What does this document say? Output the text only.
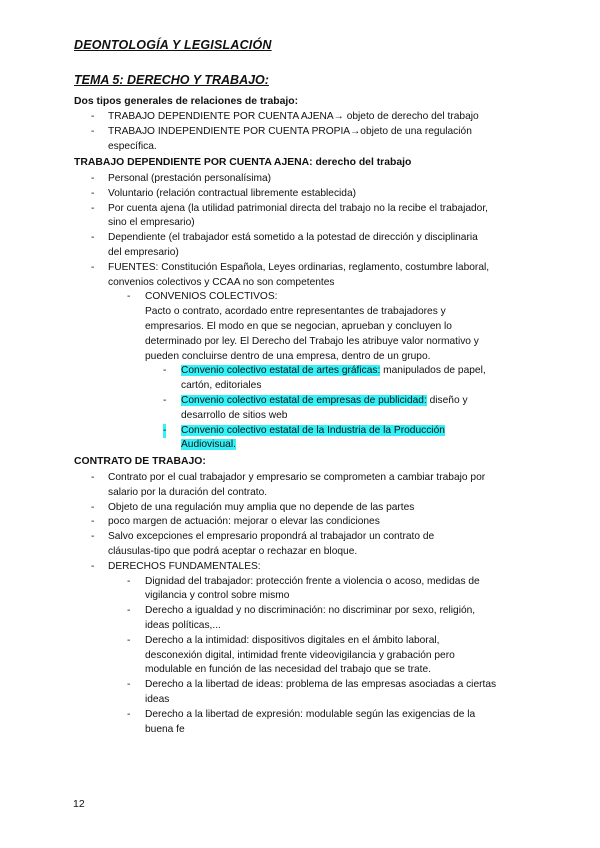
DEONTOLOGÍA Y LEGISLACIÓN
TEMA 5: DERECHO Y TRABAJO:
Dos tipos generales de relaciones de trabajo:
- TRABAJO DEPENDIENTE POR CUENTA AJENA→ objeto de derecho del trabajo
- TRABAJO INDEPENDIENTE POR CUENTA PROPIA→objeto de una regulación
específica.
TRABAJO DEPENDIENTE POR CUENTA AJENA: derecho del trabajo
- Personal (prestación personalísima)
- Voluntario (relación contractual libremente establecida)
- Por cuenta ajena (la utilidad patrimonial directa del trabajo no la recibe el trabajador,
sino el empresario)
- Dependiente (el trabajador está sometido a la potestad de dirección y disciplinaria
del empresario)
- FUENTES: Constitución Española, Leyes ordinarias, reglamento, costumbre laboral,
convenios colectivos y CCAA no son competentes
- CONVENIOS COLECTIVOS:
Pacto o contrato, acordado entre representantes de trabajadores y
empresarios. El modo en que se negocian, aprueban y concluyen lo
determinado por ley. El Derecho del Trabajo les atribuye valor normativo y
pueden concluirse dentro de una empresa, dentro de un grupo.
- Convenio colectivo estatal de artes gráficas: manipulados de papel,
cartón, editoriales
- Convenio colectivo estatal de empresas de publicidad: diseño y
desarrollo de sitios web
- Convenio colectivo estatal de la Industria de la Producción
Audiovisual.
CONTRATO DE TRABAJO:
- Contrato por el cual trabajador y empresario se comprometen a cambiar trabajo por
salario por la duración del contrato.
- Objeto de una regulación muy amplia que no depende de las partes
- poco margen de actuación: mejorar o elevar las condiciones
- Salvo excepciones el empresario propondrá al trabajador un contrato de
cláusulas-tipo que podrá aceptar o rechazar en bloque.
- DERECHOS FUNDAMENTALES:
- Dignidad del trabajador: protección frente a violencia o acoso, medidas de
vigilancia y control sobre mismo
- Derecho a igualdad y no discriminación: no discriminar por sexo, religión,
ideas políticas,...
- Derecho a la intimidad: dispositivos digitales en el ámbito laboral,
desconexión digital, intimidad frente videovigilancia y grabación pero
modulable en función de las necesidad del trabajo que se trate.
- Derecho a la libertad de ideas: problema de las empresas asociadas a ciertas
ideas
- Derecho a la libertad de expresión: modulable según las exigencias de la
buena fe
12
